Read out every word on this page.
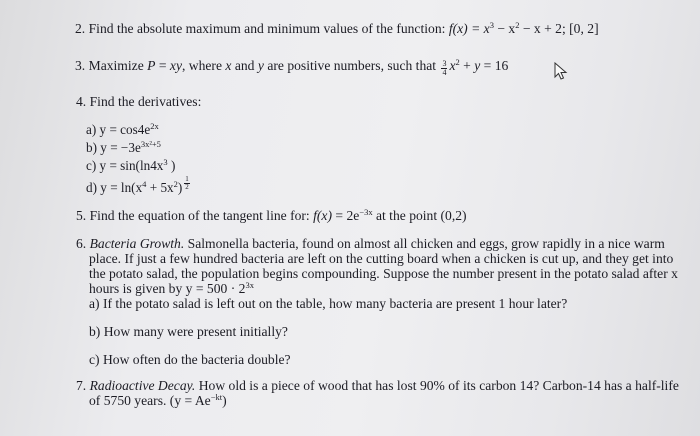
2. Find the absolute maximum and minimum values of the function: $f(x) = x^3 - x^2 - x + 2$; [0, 2]
3. Maximize P = xy, where x and y are positive numbers, such that $\frac{3}{4} x^2 + y = 16$
4. Find the derivatives:
a) $y = \cos 4e^{2x}$
b) $y = -3e^{3x^2+5}$
c) $y = \sin(\ln 4x^3$ )
d) $y = \ln(x^4 + 5x^2) \frac{1}{2}$
5. Find the equation of the tangent line for: $f(x) = 2e^{-3x}$ at the point (0,2)
6. Bacteria Growth. Salmonella bacteria, found on almost all chicken and eggs, grow rapidly in a nice warm
place. If just a few hundred bacteria are left on the cutting board when a chicken is cut up, and they get into
the potato salad, the population begins compounding. Suppose the number present in the potato salad after x
hours is given by $y = 500 \cdot 2^{3x}$
a) If the potato salad is left out on the table, how many bacteria are present 1 hour later?
b) How many were present initially?
c) How often do the bacteria double?
7. Radioactive Decay. How old is a piece of wood that has lost 90% of its carbon 14? Carbon-14 has a half-life
of 5750 years. $(y = Ae^{-kt})$
